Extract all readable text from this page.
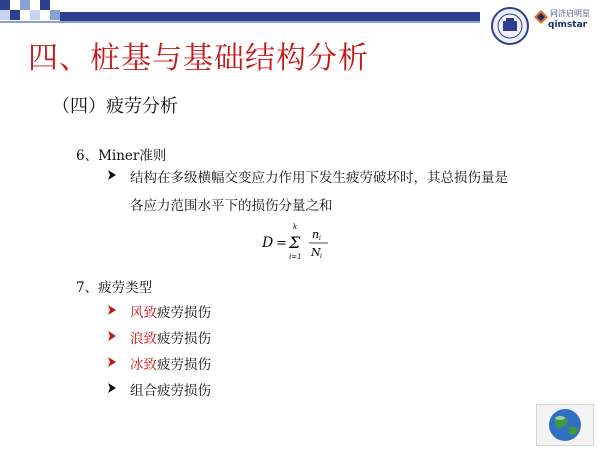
同济启明星
qimstar
四、桩基与基础结构分析
（四）疲劳分析
6、Miner准则
结构在多级横幅交变应力作用下发生疲劳破坏时，其总损伤量是
各应力范围水平下的损伤分量之和
D =
k
Σ
i=1
n i
N i
7、疲劳类型
风致疲劳损伤
浪致疲劳损伤
冰致疲劳损伤
组合疲劳损伤
